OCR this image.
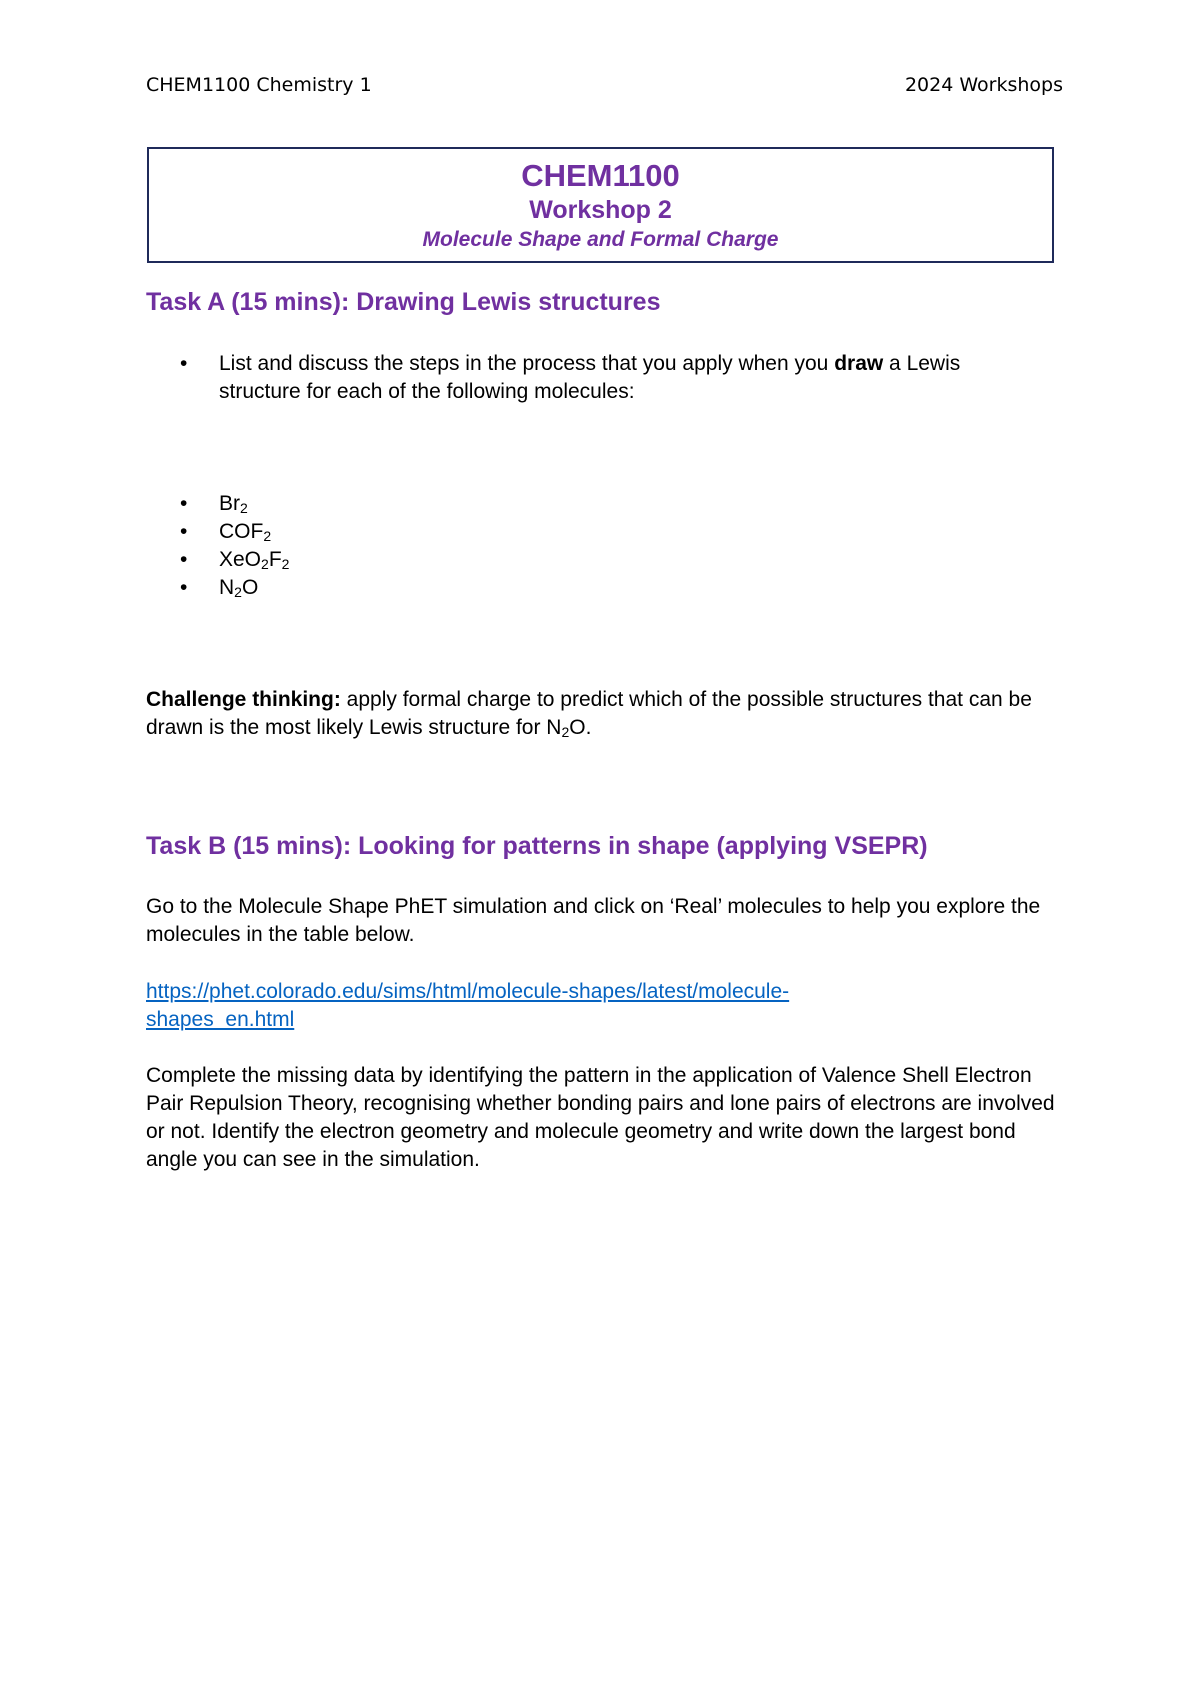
CHEM1100 Chemistry 1	2024 Workshops
CHEM1100
Workshop 2
Molecule Shape and Formal Charge
Task A (15 mins): Drawing Lewis structures
• List and discuss the steps in the process that you apply when you draw a Lewis structure for each of the following molecules:
• $Br_2$
• $COF_2$
• $XeO_2F_2$
• $N_2O$
Challenge thinking: apply formal charge to predict which of the possible structures that can be drawn is the most likely Lewis structure for $N_2O$.
Task B (15 mins): Looking for patterns in shape (applying VSEPR)
Go to the Molecule Shape PhET simulation and click on ‘Real’ molecules to help you explore the molecules in the table below.
https://phet.colorado.edu/sims/html/molecule-shapes/latest/molecule-
shapes_en.html
Complete the missing data by identifying the pattern in the application of Valence Shell Electron Pair Repulsion Theory, recognising whether bonding pairs and lone pairs of electrons are involved or not. Identify the electron geometry and molecule geometry and write down the largest bond angle you can see in the simulation.
